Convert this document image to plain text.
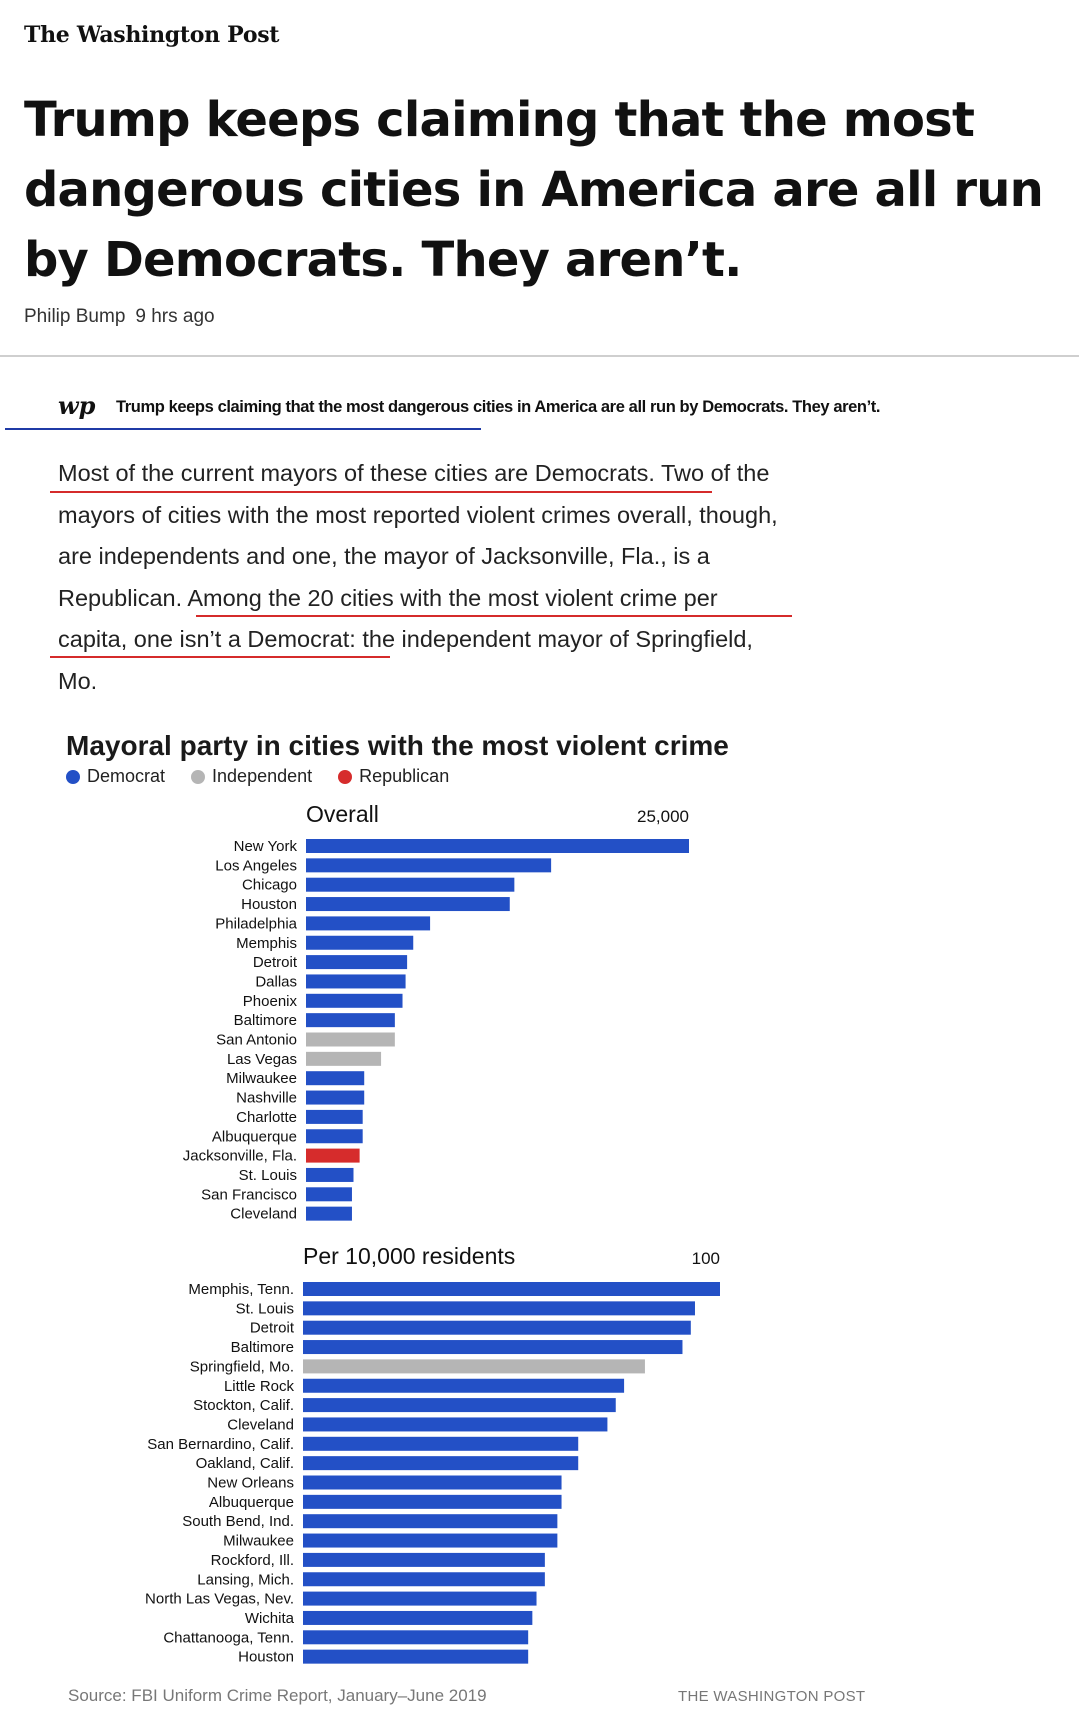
The Washington Post
Trump keeps claiming that the most dangerous cities in America are all run by Democrats. They aren’t.
Philip Bump 9 hrs ago
wp Trump keeps claiming that the most dangerous cities in America are all run by Democrats. They aren’t.
Most of the current mayors of these cities are Democrats. Two of the
mayors of cities with the most reported violent crimes overall, though,
are independents and one, the mayor of Jacksonville, Fla., is a
Republican. Among the 20 cities with the most violent crime per
capita, one isn’t a Democrat: the independent mayor of Springfield,
Mo.
Mayoral party in cities with the most violent crime
Democrat	Independent	Republican
Overall	25,000
New York
Los Angeles
Chicago
Houston
Philadelphia
Memphis
Detroit
Dallas
Phoenix
Baltimore
San Antonio
Las Vegas
Milwaukee
Nashville
Charlotte
Albuquerque
Jacksonville, Fla.
St. Louis
San Francisco
Cleveland
Per 10,000 residents	100
Memphis, Tenn.
St. Louis
Detroit
Baltimore
Springfield, Mo.
Little Rock
Stockton, Calif.
Cleveland
San Bernardino, Calif.
Oakland, Calif.
New Orleans
Albuquerque
South Bend, Ind.
Milwaukee
Rockford, Ill.
Lansing, Mich.
North Las Vegas, Nev.
Wichita
Chattanooga, Tenn.
Houston
Source: FBI Uniform Crime Report, January–June 2019	THE WASHINGTON POST
